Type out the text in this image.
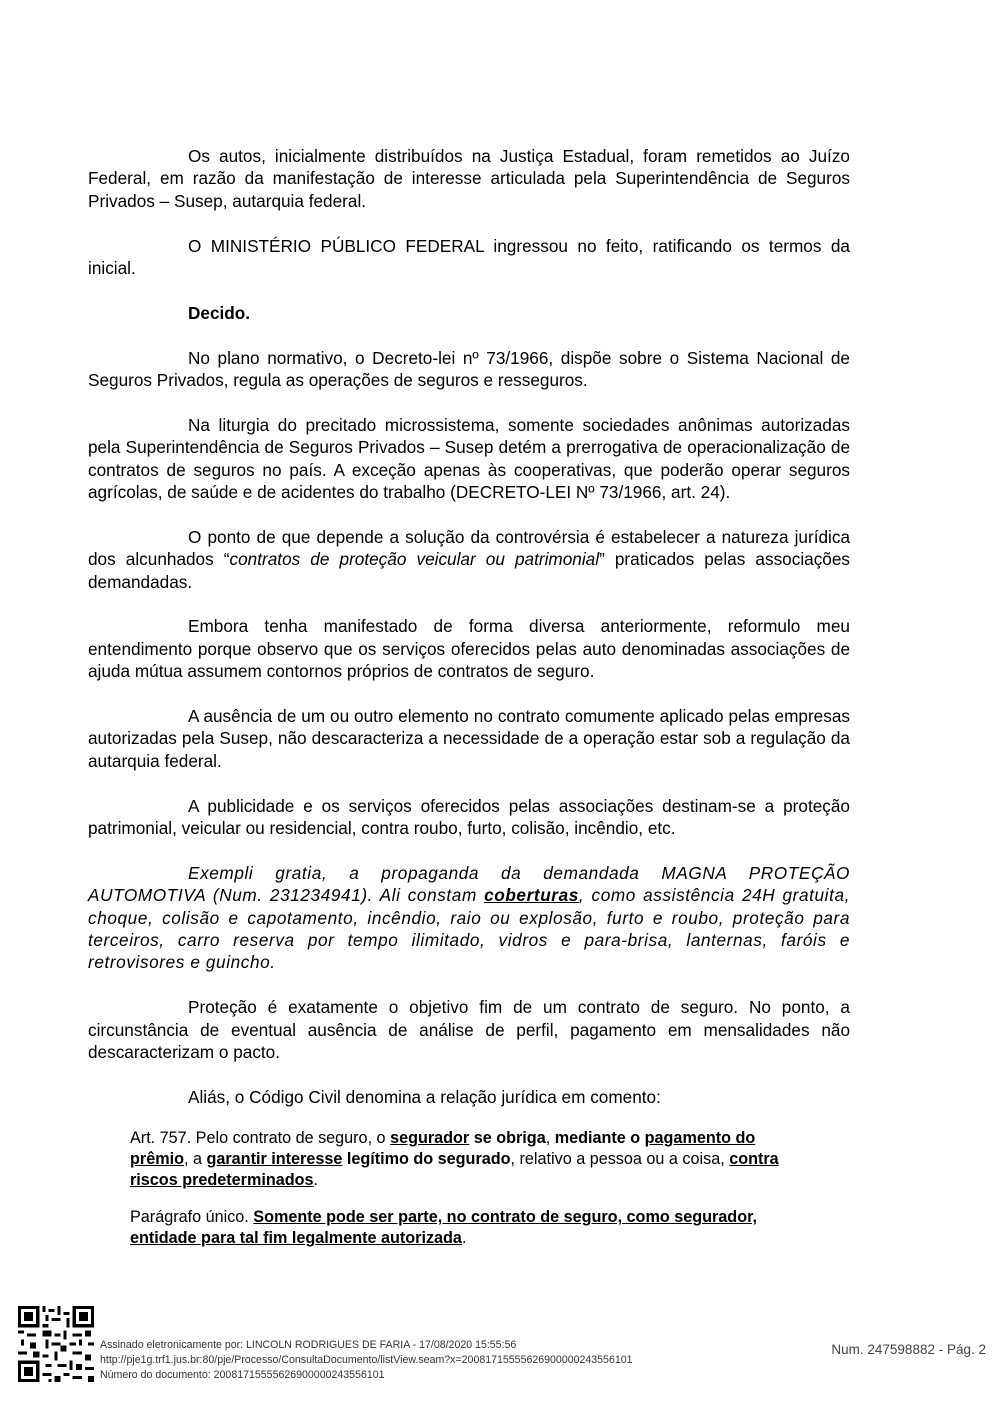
Os autos, inicialmente distribuídos na Justiça Estadual, foram remetidos ao Juízo Federal, em razão da manifestação de interesse articulada pela Superintendência de Seguros Privados – Susep, autarquia federal.

O MINISTÉRIO PÚBLICO FEDERAL ingressou no feito, ratificando os termos da inicial.

Decido.

No plano normativo, o Decreto-lei nº 73/1966, dispõe sobre o Sistema Nacional de Seguros Privados, regula as operações de seguros e resseguros.

Na liturgia do precitado microssistema, somente sociedades anônimas autorizadas pela Superintendência de Seguros Privados – Susep detém a prerrogativa de operacionalização de contratos de seguros no país. A exceção apenas às cooperativas, que poderão operar seguros agrícolas, de saúde e de acidentes do trabalho (DECRETO-LEI Nº 73/1966, art. 24).

O ponto de que depende a solução da controvérsia é estabelecer a natureza jurídica dos alcunhados “contratos de proteção veicular ou patrimonial” praticados pelas associações demandadas.

Embora tenha manifestado de forma diversa anteriormente, reformulo meu entendimento porque observo que os serviços oferecidos pelas auto denominadas associações de ajuda mútua assumem contornos próprios de contratos de seguro.

A ausência de um ou outro elemento no contrato comumente aplicado pelas empresas autorizadas pela Susep, não descaracteriza a necessidade de a operação estar sob a regulação da autarquia federal.

A publicidade e os serviços oferecidos pelas associações destinam-se a proteção patrimonial, veicular ou residencial, contra roubo, furto, colisão, incêndio, etc.

Exempli gratia, a propaganda da demandada MAGNA PROTEÇÃO AUTOMOTIVA (Num. 231234941). Ali constam coberturas, como assistência 24H gratuita, choque, colisão e capotamento, incêndio, raio ou explosão, furto e roubo, proteção para terceiros, carro reserva por tempo ilimitado, vidros e para-brisa, lanternas, faróis e retrovisores e guincho.

Proteção é exatamente o objetivo fim de um contrato de seguro. No ponto, a circunstância de eventual ausência de análise de perfil, pagamento em mensalidades não descaracterizam o pacto.

Aliás, o Código Civil denomina a relação jurídica em comento:

Art. 757. Pelo contrato de seguro, o segurador se obriga, mediante o pagamento do prêmio, a garantir interesse legítimo do segurado, relativo a pessoa ou a coisa, contra riscos predeterminados.

Parágrafo único. Somente pode ser parte, no contrato de seguro, como segurador, entidade para tal fim legalmente autorizada.

Assinado eletronicamente por: LINCOLN RODRIGUES DE FARIA - 17/08/2020 15:55:56
http://pje1g.trf1.jus.br:80/pje/Processo/ConsultaDocumento/listView.seam?x=20081715555626900000243556101
Número do documento: 20081715555626900000243556101
Num. 247598882 - Pág. 2
